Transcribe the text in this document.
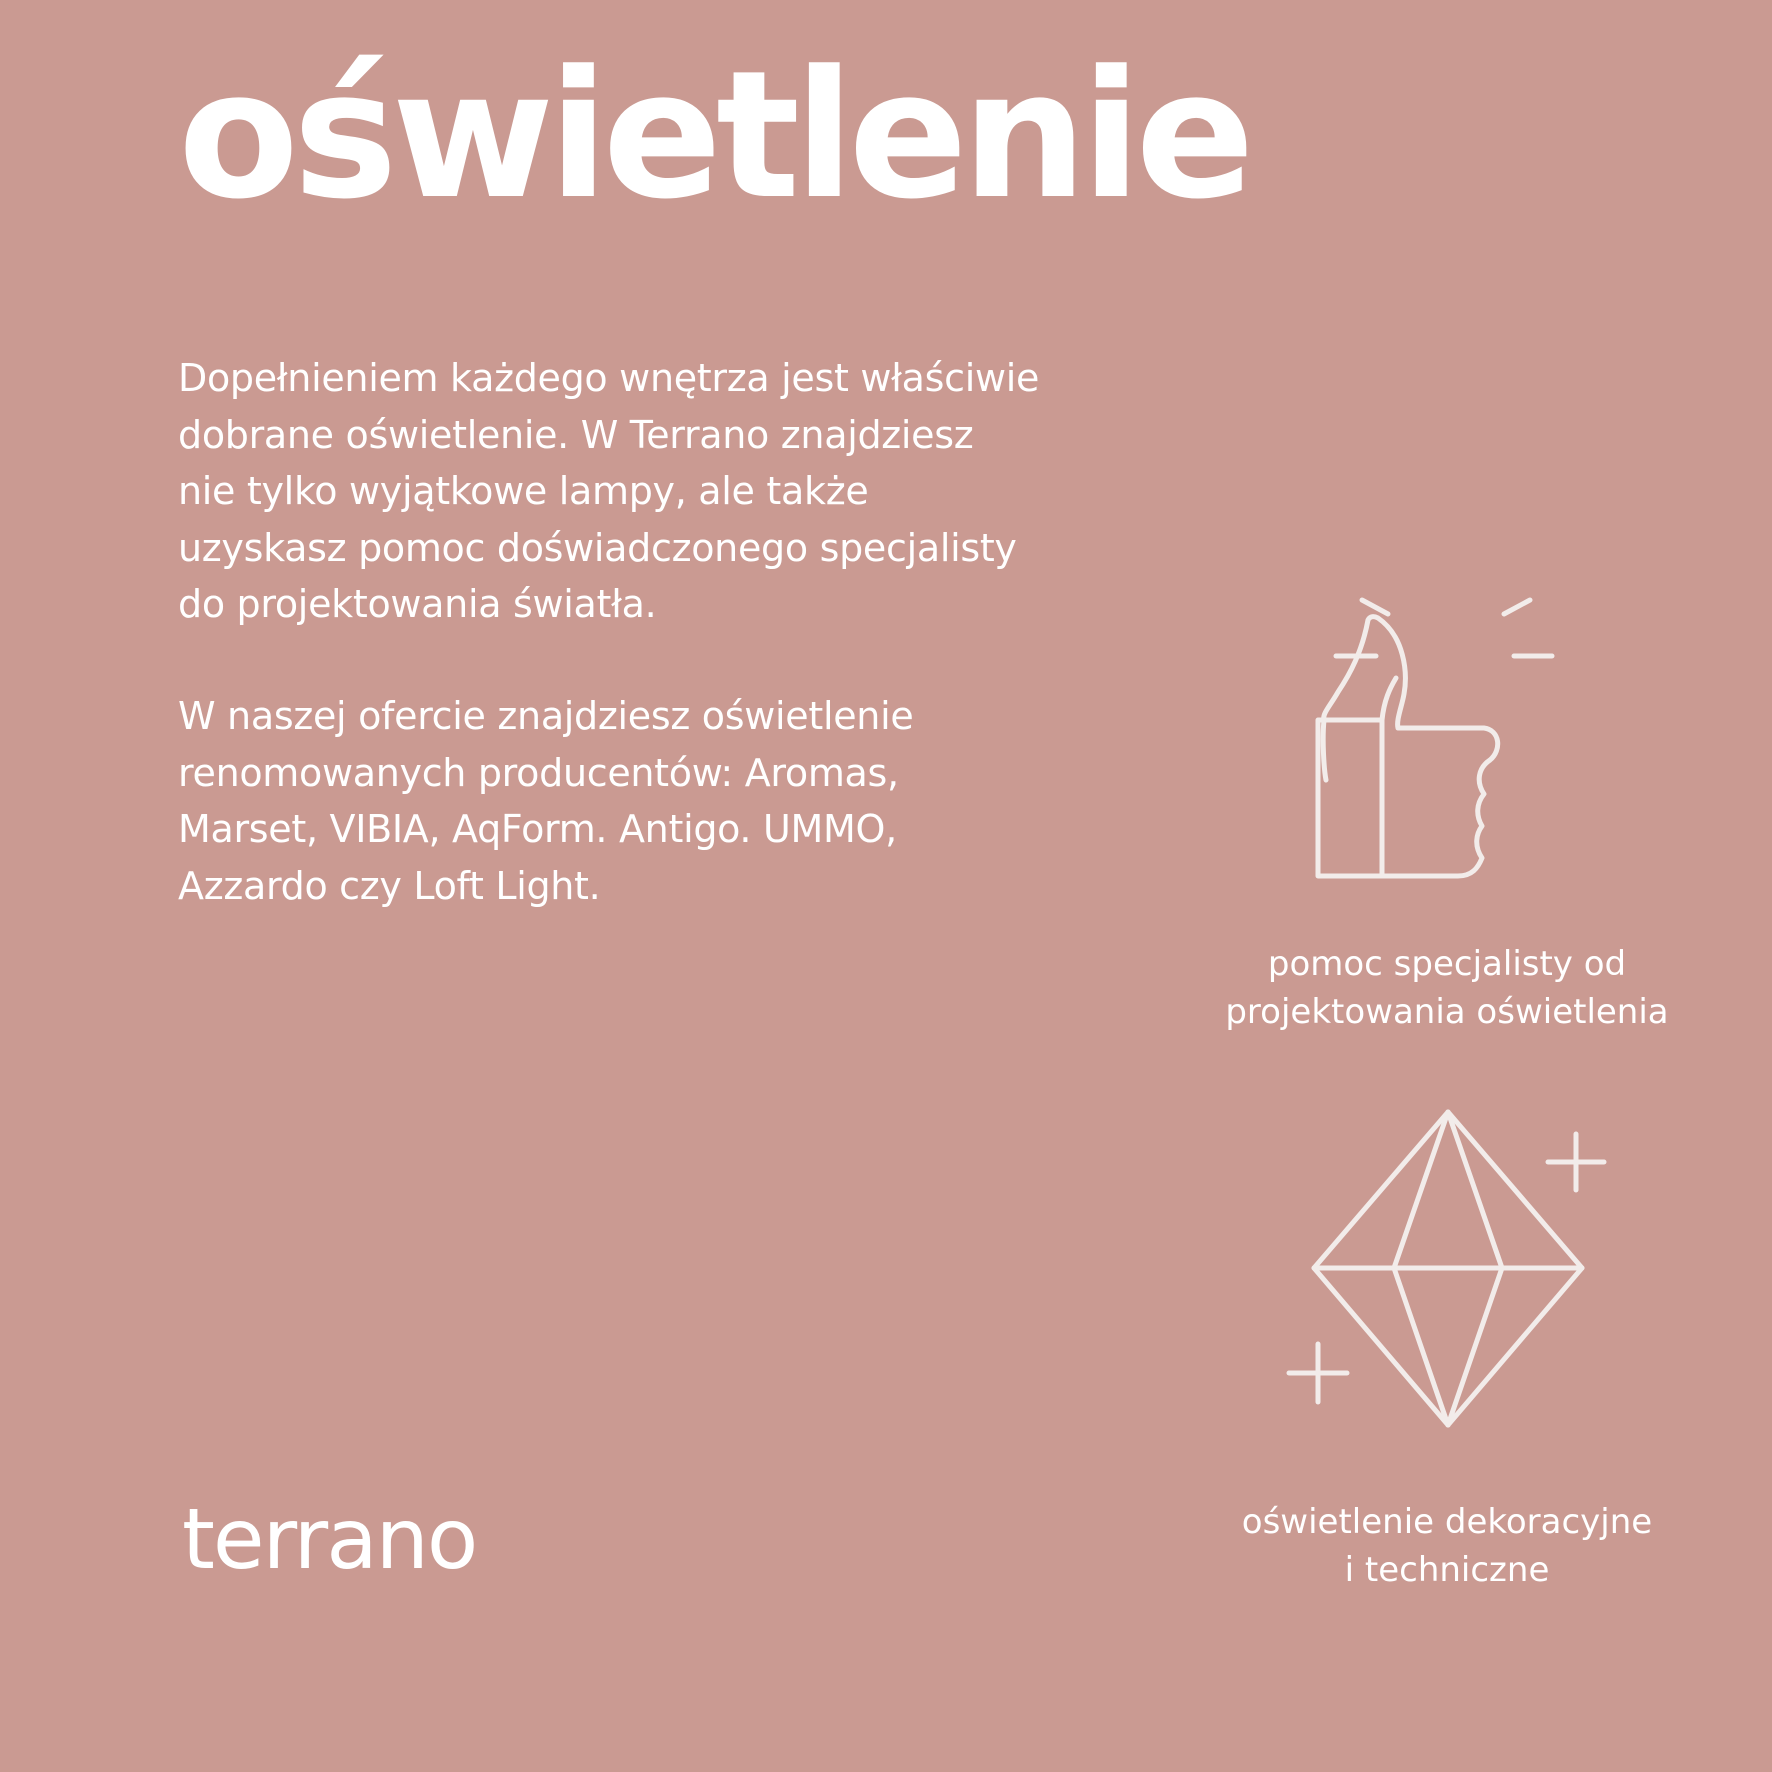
oświetlenie

Dopełnieniem każdego wnętrza jest właściwie
dobrane oświetlenie. W Terrano znajdziesz
nie tylko wyjątkowe lampy, ale także
uzyskasz pomoc doświadczonego specjalisty
do projektowania światła.

W naszej ofercie znajdziesz oświetlenie
renomowanych producentów: Aromas,
Marset, VIBIA, AqForm. Antigo. UMMO,
Azzardo czy Loft Light.

terrano

pomoc specjalisty od
projektowania oświetlenia

oświetlenie dekoracyjne
i techniczne
